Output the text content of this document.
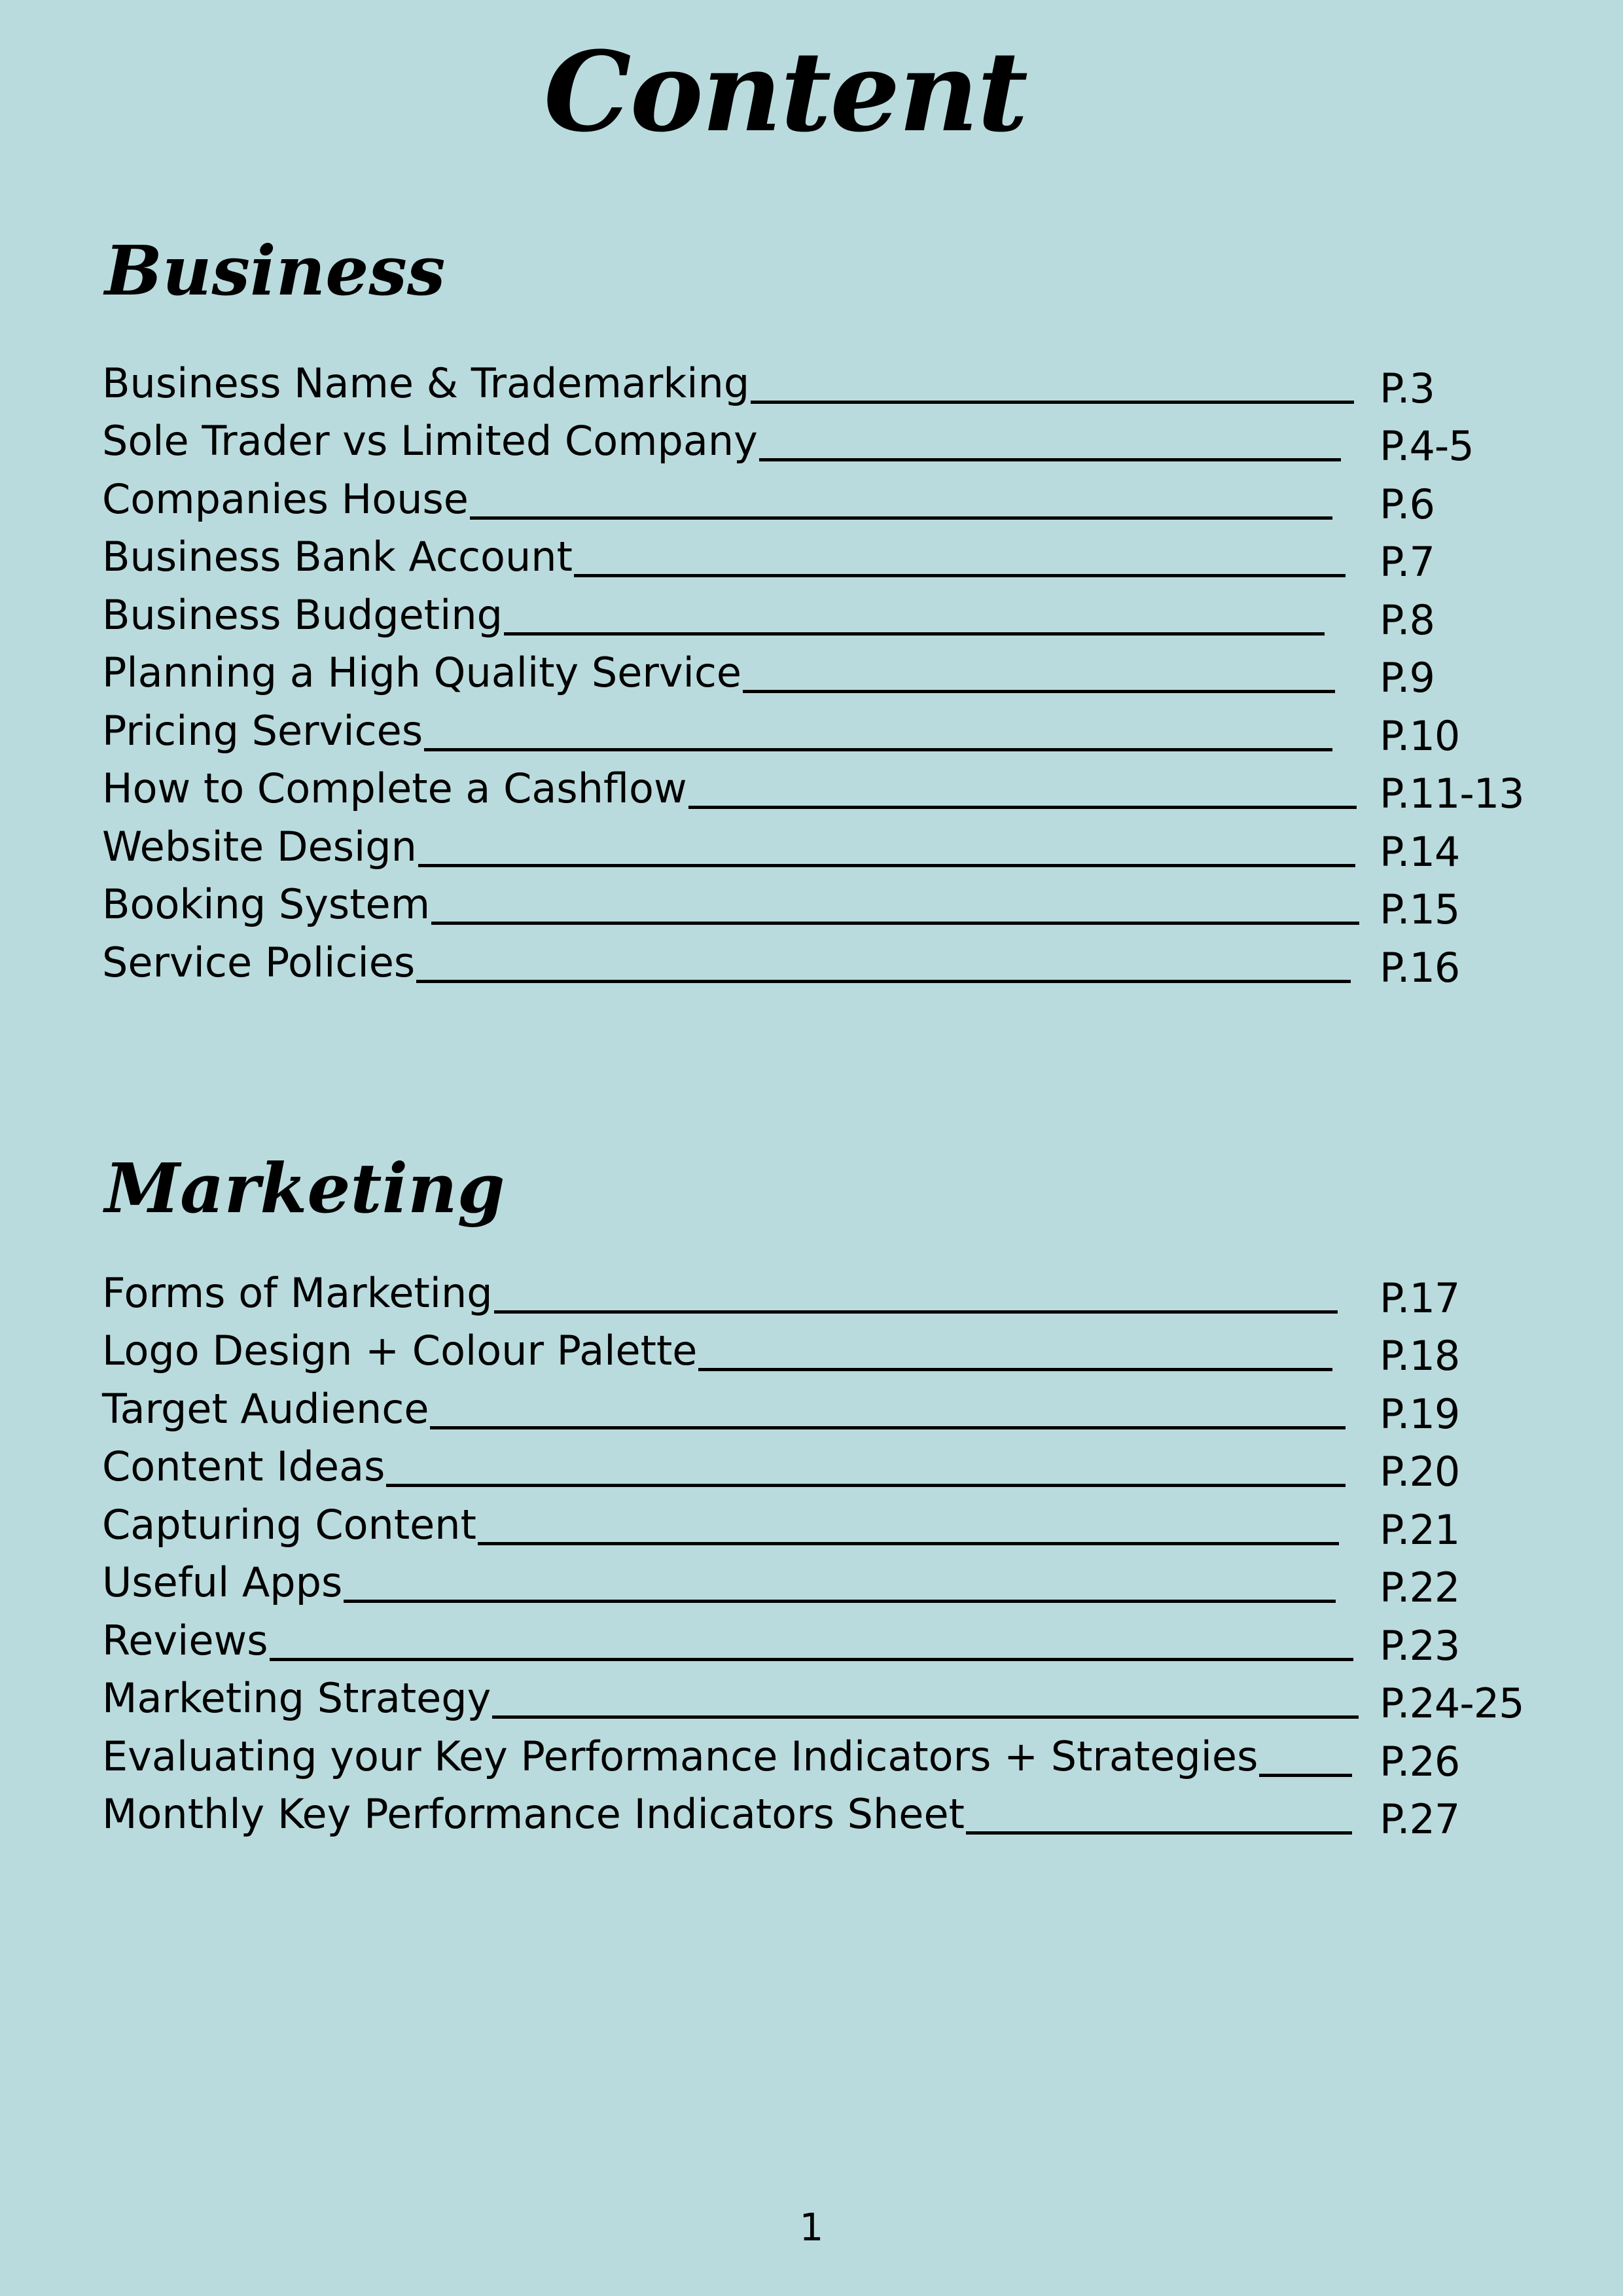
Content
Business
Business Name & Trademarking	P.3
Sole Trader vs Limited Company	P.4-5
Companies House	P.6
Business Bank Account	P.7
Business Budgeting	P.8
Planning a High Quality Service	P.9
Pricing Services	P.10
How to Complete a Cashflow	P.11-13
Website Design	P.14
Booking System	P.15
Service Policies	P.16
Marketing
Forms of Marketing	P.17
Logo Design + Colour Palette	P.18
Target Audience	P.19
Content Ideas	P.20
Capturing Content	P.21
Useful Apps	P.22
Reviews	P.23
Marketing Strategy	P.24-25
Evaluating your Key Performance Indicators + Strategies	P.26
Monthly Key Performance Indicators Sheet	P.27
1
